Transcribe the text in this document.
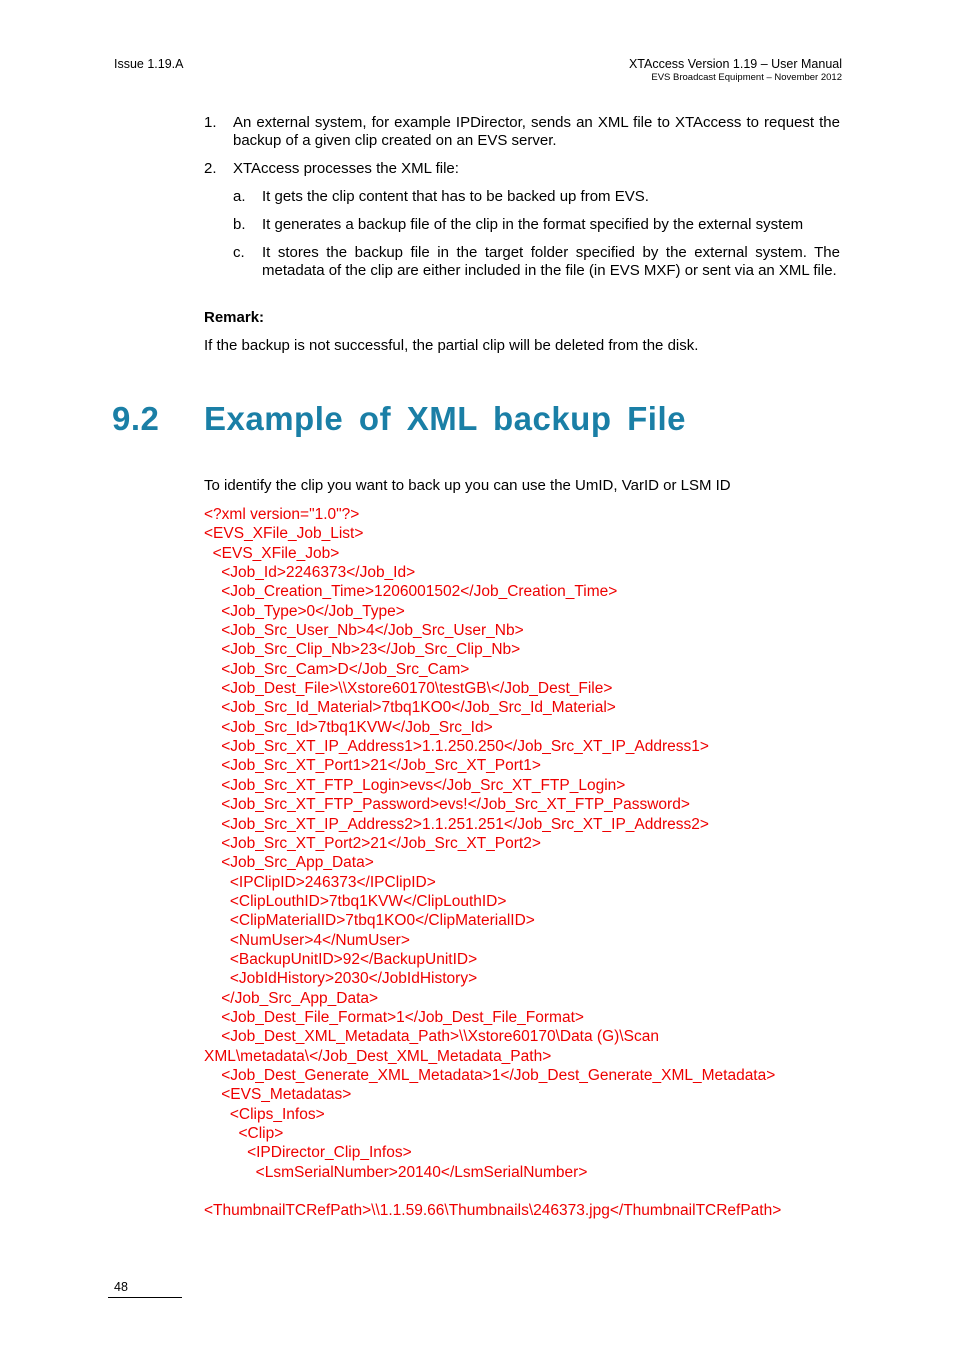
Issue 1.19.A	XTAccess Version 1.19 – User Manual
EVS Broadcast Equipment – November 2012
1. An external system, for example IPDirector, sends an XML file to XTAccess to request the backup of a given clip created on an EVS server.
2. XTAccess processes the XML file:
a. It gets the clip content that has to be backed up from EVS.
b. It generates a backup file of the clip in the format specified by the external system
c. It stores the backup file in the target folder specified by the external system. The metadata of the clip are either included in the file (in EVS MXF) or sent via an XML file.
Remark:
If the backup is not successful, the partial clip will be deleted from the disk.
9.2 Example of XML backup File
To identify the clip you want to back up you can use the UmID, VarID or LSM ID
<?xml version="1.0"?>
<EVS_XFile_Job_List>
<EVS_XFile_Job>
<Job_Id>2246373</Job_Id>
<Job_Creation_Time>1206001502</Job_Creation_Time>
<Job_Type>0</Job_Type>
<Job_Src_User_Nb>4</Job_Src_User_Nb>
<Job_Src_Clip_Nb>23</Job_Src_Clip_Nb>
<Job_Src_Cam>D</Job_Src_Cam>
<Job_Dest_File>\\Xstore60170\testGB\</Job_Dest_File>
<Job_Src_Id_Material>7tbq1KO0</Job_Src_Id_Material>
<Job_Src_Id>7tbq1KVW</Job_Src_Id>
<Job_Src_XT_IP_Address1>1.1.250.250</Job_Src_XT_IP_Address1>
<Job_Src_XT_Port1>21</Job_Src_XT_Port1>
<Job_Src_XT_FTP_Login>evs</Job_Src_XT_FTP_Login>
<Job_Src_XT_FTP_Password>evs!</Job_Src_XT_FTP_Password>
<Job_Src_XT_IP_Address2>1.1.251.251</Job_Src_XT_IP_Address2>
<Job_Src_XT_Port2>21</Job_Src_XT_Port2>
<Job_Src_App_Data>
<IPClipID>246373</IPClipID>
<ClipLouthID>7tbq1KVW</ClipLouthID>
<ClipMaterialID>7tbq1KO0</ClipMaterialID>
<NumUser>4</NumUser>
<BackupUnitID>92</BackupUnitID>
<JobIdHistory>2030</JobIdHistory>
</Job_Src_App_Data>
<Job_Dest_File_Format>1</Job_Dest_File_Format>
<Job_Dest_XML_Metadata_Path>\\Xstore60170\Data (G)\Scan
XML\metadata\</Job_Dest_XML_Metadata_Path>
<Job_Dest_Generate_XML_Metadata>1</Job_Dest_Generate_XML_Metadata>
<EVS_Metadatas>
<Clips_Infos>
<Clip>
<IPDirector_Clip_Infos>
<LsmSerialNumber>20140</LsmSerialNumber>

<ThumbnailTCRefPath>\\1.1.59.66\Thumbnails\246373.jpg</ThumbnailTCRefPath>
48
